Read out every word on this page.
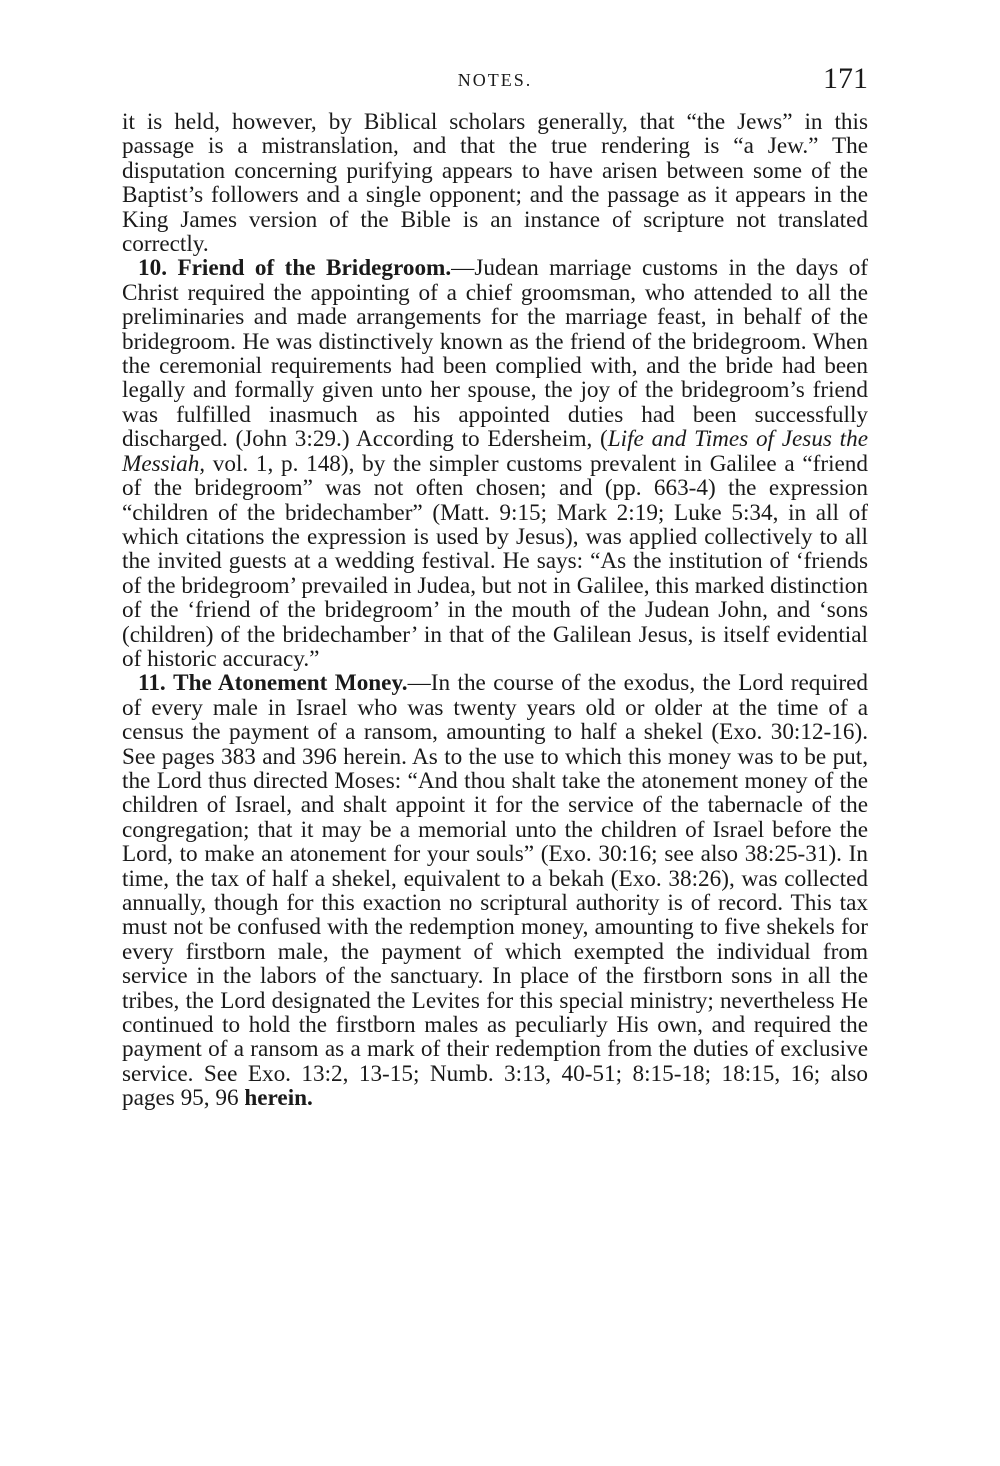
NOTES.	171

it is held, however, by Biblical scholars generally, that “the Jews” in this passage is a mistranslation, and that the true rendering is “a Jew.” The disputation concerning purifying appears to have arisen between some of the Baptist’s followers and a single opponent; and the passage as it appears in the King James version of the Bible is an instance of scripture not translated correctly.

10. Friend of the Bridegroom.—Judean marriage customs in the days of Christ required the appointing of a chief groomsman, who attended to all the preliminaries and made arrangements for the marriage feast, in behalf of the bridegroom. He was distinctively known as the friend of the bridegroom. When the ceremonial requirements had been complied with, and the bride had been legally and formally given unto her spouse, the joy of the bridegroom’s friend was fulfilled inasmuch as his appointed duties had been successfully discharged. (John 3:29.) According to Edersheim, (Life and Times of Jesus the Messiah, vol. 1, p. 148), by the simpler customs prevalent in Galilee a “friend of the bridegroom” was not often chosen; and (pp. 663-4) the expression “children of the bridechamber” (Matt. 9:15; Mark 2:19; Luke 5:34, in all of which citations the expression is used by Jesus), was applied collectively to all the invited guests at a wedding festival. He says: “As the institution of ‘friends of the bridegroom’ prevailed in Judea, but not in Galilee, this marked distinction of the ‘friend of the bridegroom’ in the mouth of the Judean John, and ‘sons (children) of the bridechamber’ in that of the Galilean Jesus, is itself evidential of historic accuracy.”

11. The Atonement Money.—In the course of the exodus, the Lord required of every male in Israel who was twenty years old or older at the time of a census the payment of a ransom, amounting to half a shekel (Exo. 30:12-16). See pages 383 and 396 herein. As to the use to which this money was to be put, the Lord thus directed Moses: “And thou shalt take the atonement money of the children of Israel, and shalt appoint it for the service of the tabernacle of the congregation; that it may be a memorial unto the children of Israel before the Lord, to make an atonement for your souls” (Exo. 30:16; see also 38:25-31). In time, the tax of half a shekel, equivalent to a bekah (Exo. 38:26), was collected annually, though for this exaction no scriptural authority is of record. This tax must not be confused with the redemption money, amounting to five shekels for every firstborn male, the payment of which exempted the individual from service in the labors of the sanctuary. In place of the firstborn sons in all the tribes, the Lord designated the Levites for this special ministry; nevertheless He continued to hold the firstborn males as peculiarly His own, and required the payment of a ransom as a mark of their redemption from the duties of exclusive service. See Exo. 13:2, 13-15; Numb. 3:13, 40-51; 8:15-18; 18:15, 16; also pages 95, 96 herein.
